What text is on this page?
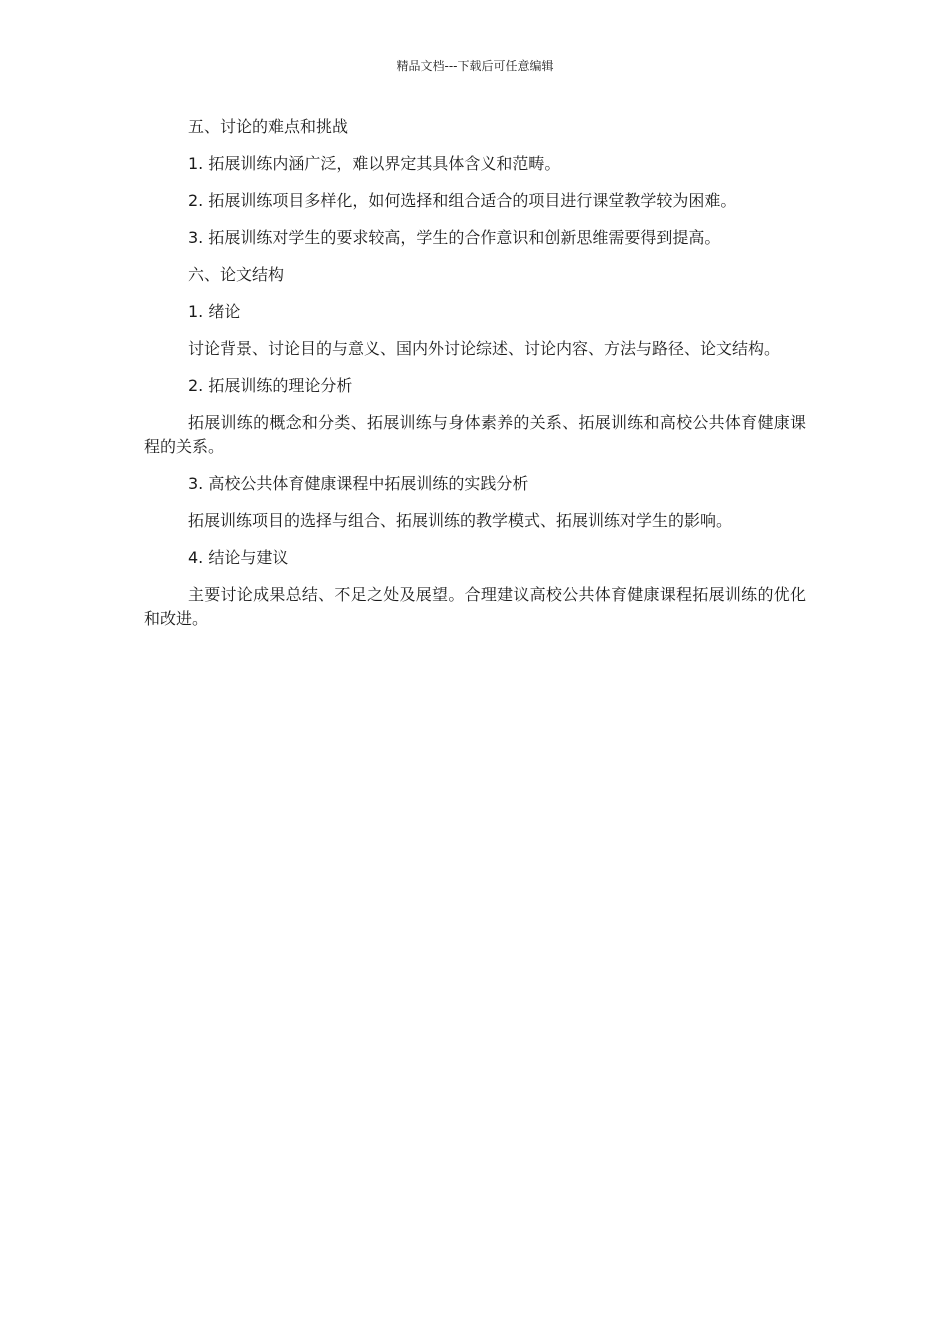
精品文档---下载后可任意编辑

五、讨论的难点和挑战

1. 拓展训练内涵广泛，难以界定其具体含义和范畴。

2. 拓展训练项目多样化，如何选择和组合适合的项目进行课堂教学较为困难。

3. 拓展训练对学生的要求较高，学生的合作意识和创新思维需要得到提高。

六、论文结构

1. 绪论

讨论背景、讨论目的与意义、国内外讨论综述、讨论内容、方法与路径、论文结构。

2. 拓展训练的理论分析

拓展训练的概念和分类、拓展训练与身体素养的关系、拓展训练和高校公共体育健康课程的关系。

3. 高校公共体育健康课程中拓展训练的实践分析

拓展训练项目的选择与组合、拓展训练的教学模式、拓展训练对学生的影响。

4. 结论与建议

主要讨论成果总结、不足之处及展望。合理建议高校公共体育健康课程拓展训练的优化和改进。
